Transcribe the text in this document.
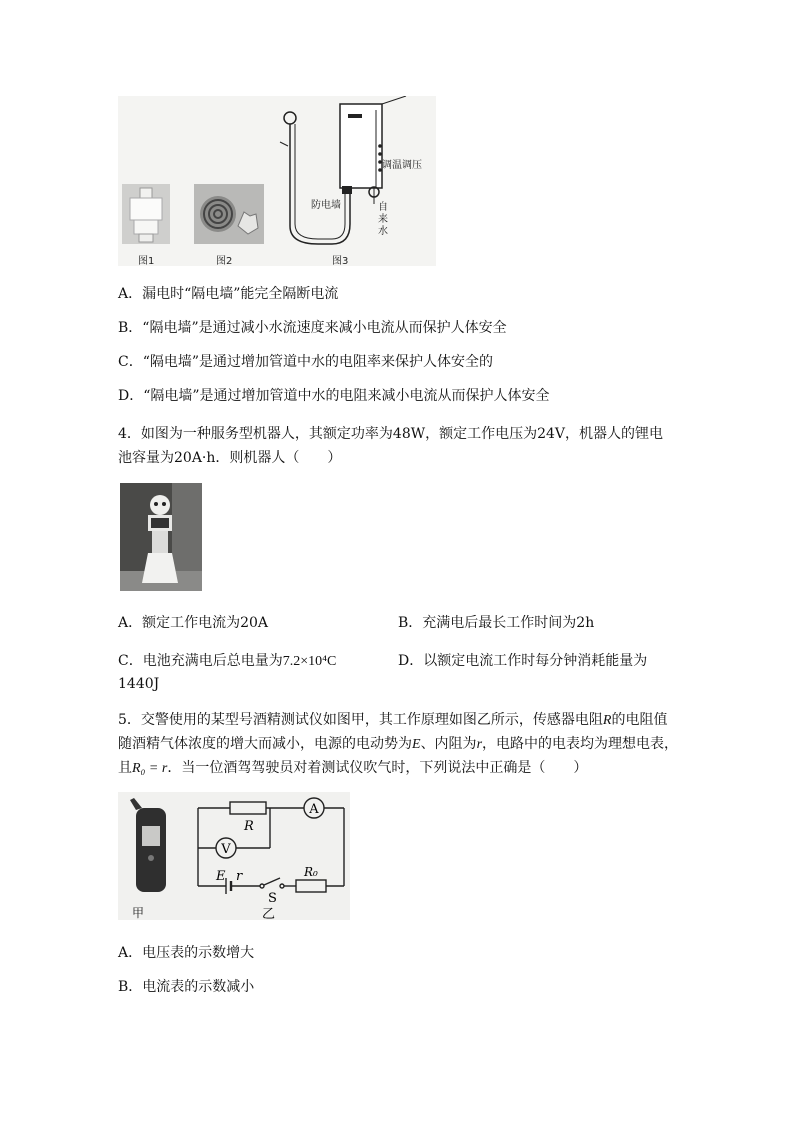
调温调压
防电墙	自来水
图1	图2	图3
A．漏电时“隔电墙”能完全隔断电流
B．“隔电墙”是通过减小水流速度来减小电流从而保护人体安全
C．“隔电墙”是通过增加管道中水的电阻率来保护人体安全的
D．“隔电墙”是通过增加管道中水的电阻来减小电流从而保护人体安全
4．如图为一种服务型机器人，其额定功率为48W，额定工作电压为24V，机器人的锂电
池容量为20A·h．则机器人（　　）
A．额定工作电流为20A	B．充满电后最长工作时间为2h
C．电池充满电后总电量为7.2×10⁴C	D．以额定电流工作时每分钟消耗能量为
1440J
5．交警使用的某型号酒精测试仪如图甲，其工作原理如图乙所示，传感器电阻R的电阻值
随酒精气体浓度的增大而减小，电源的电动势为E、内阻为r，电路中的电表均为理想电表，
且R₀ = r．当一位酒驾驾驶员对着测试仪吹气时，下列说法中正确是（　　）
甲
A
V
R
E r
S
R₀
乙
A．电压表的示数增大
B．电流表的示数减小
